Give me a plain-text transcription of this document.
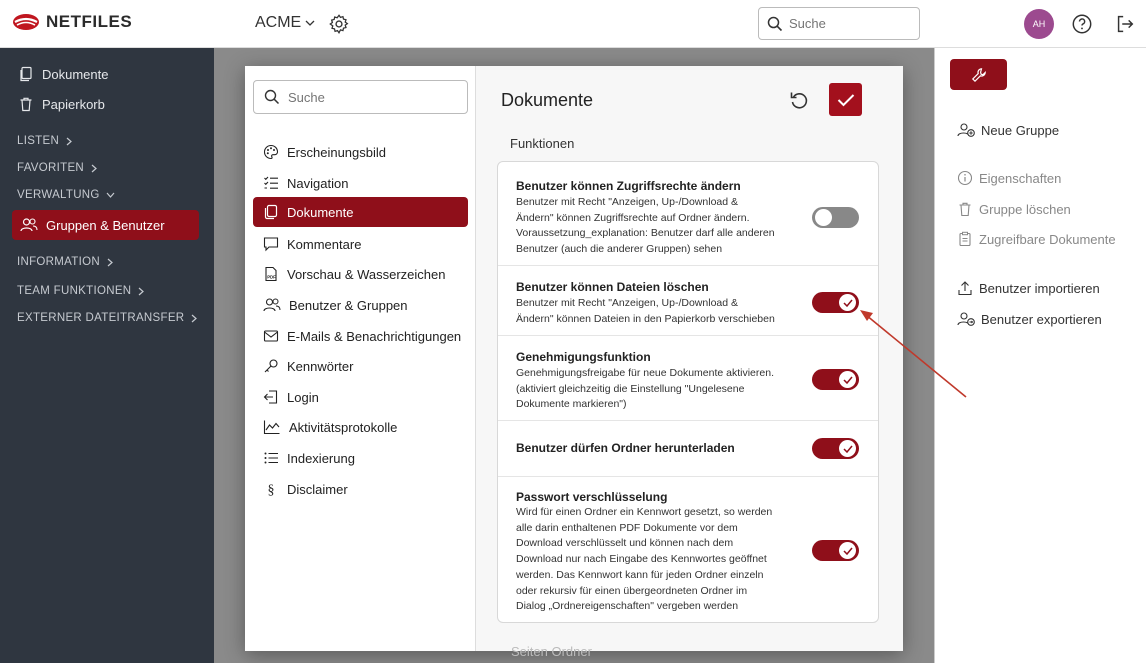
NETFILES	ACME
Suche	AH
Dokumente
Papierkorb
LISTEN
FAVORITEN
VERWALTUNG
Gruppen & Benutzer
INFORMATION
TEAM FUNKTIONEN
EXTERNER DATEITRANSFER
Neue Gruppe
Eigenschaften
Gruppe löschen
Zugreifbare Dokumente
Benutzer importieren
Benutzer exportieren
Suche
Erscheinungsbild
Navigation
Dokumente
Kommentare
PDF Vorschau & Wasserzeichen
Benutzer & Gruppen
E-Mails & Benachrichtigungen
Kennwörter
Login
Aktivitätsprotokolle
Indexierung
§ Disclaimer
Dokumente
Funktionen
Benutzer können Zugriffsrechte ändern
Benutzer mit Recht "Anzeigen, Up-/Download &
Ändern" können Zugriffsrechte auf Ordner ändern.
Voraussetzung_explanation: Benutzer darf alle anderen
Benutzer (auch die anderer Gruppen) sehen
Benutzer können Dateien löschen
Benutzer mit Recht "Anzeigen, Up-/Download &
Ändern" können Dateien in den Papierkorb verschieben
Genehmigungsfunktion
Genehmigungsfreigabe für neue Dokumente aktivieren.
(aktiviert gleichzeitig die Einstellung "Ungelesene
Dokumente markieren")
Benutzer dürfen Ordner herunterladen
Passwort verschlüsselung
Wird für einen Ordner ein Kennwort gesetzt, so werden
alle darin enthaltenen PDF Dokumente vor dem
Download verschlüsselt und können nach dem
Download nur nach Eingabe des Kennwortes geöffnet
werden. Das Kennwort kann für jeden Ordner einzeln
oder rekursiv für einen übergeordneten Ordner im
Dialog „Ordnereigenschaften" vergeben werden
Seiten Ordner
